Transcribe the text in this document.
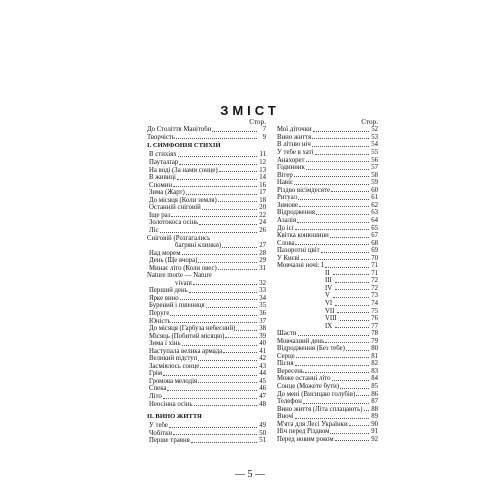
ЗМІСТ
Стор.
До Століття Манітоби	7
Творчість	9
І. СИМФОНІЯ СТИХІЙ
В стихіях	11
Пауталґар	12
На воді (За нами сонце)	13
В живиці	14
Спомин	16
Зима (Жарт)	17
До місяця (Коли земля)	18
Останній сніговій	20
Іще раз	22
Золотокоса осінь	24
Ліс	26
Сніговій (Розгагались
багряні клинки)	27
Над морем	28
День (Ще вчора)	29
Минає літо (Коли овес)	31
Nature morte — Nature
vivant	32
Перший день	33
Ярке вино	34
Бурений і пшениця	35
Перуге	36
Юність	37
До місяця (Гарбуза небесний)	38
Місяць (Побитий місяцю)	39
Зима і хінь	40
Наступала велика армада	41
Великий відступ	42
Засміялось сонце	43
Грім	44
Громова мелодія	45
Спека	46
Літо	47
Неосінна осінь	48
ІІ. ВИНО ЖИТТЯ
У тебе	49
Чобітки	50
Перше травня	51
Стор.
Мої діточки	52
Вино життя	53
В літню ніч	54
У тебе в хаті	55
Анахорет	56
Годинник	57
Вітер	58
Навіє	59
Різдво вісімдесяте	60
Ритуал	61
Зимове	62
Відродження	63
Азалія	64
До ісі	65
Квітка конюшини	67
Слова	68
Пазоротні цвіт	69
У Києві	70
Мовчазні ночі: І	71
ІІ	71
ІІІ	72
IV	72
V	73
VI	74
VII	75
VIII	76
IX	77
Шасти	78
Мовчазний день	79
Відродження (Без тебе)	80
Серце	81
Пісня	82
Вересень	83
Може останні літо	84
Сонце (Можете бути)	85
До мені (Висицаю голубів) 86
Телефон	87
Вино життя (Літа сплацають) 88
Вночі	89
М'ята для Лесі Українки	90
Ніч перед Різдвом	91
Перед новим роком	92
— 5 —
